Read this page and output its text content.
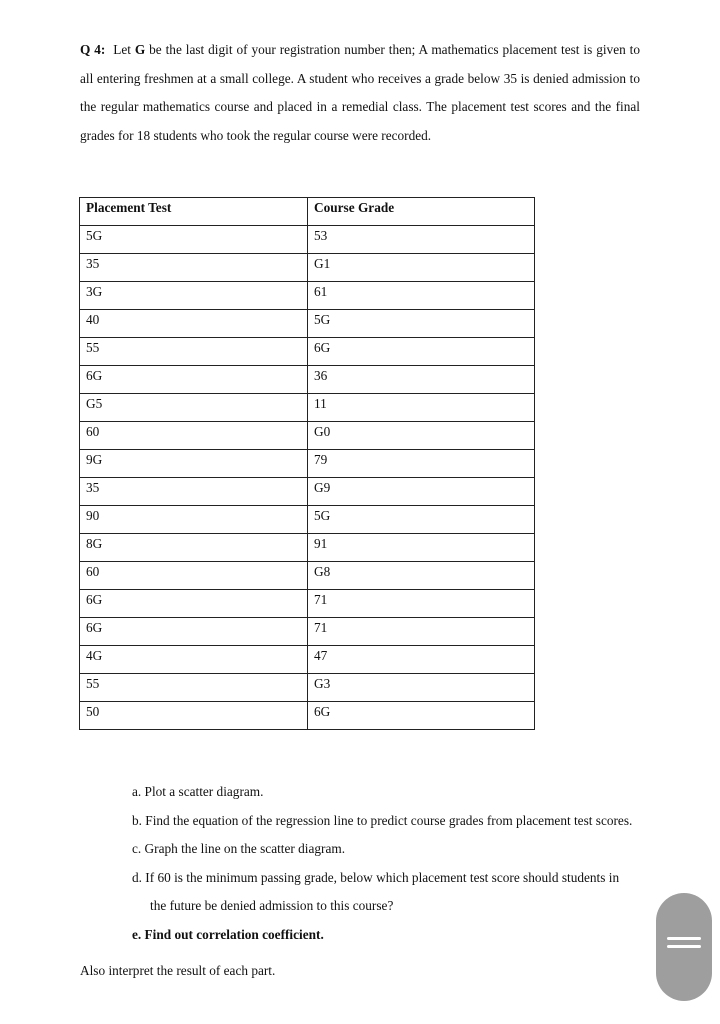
Q 4: Let G be the last digit of your registration number then; A mathematics placement test is given to all entering freshmen at a small college. A student who receives a grade below 35 is denied admission to the regular mathematics course and placed in a remedial class. The placement test scores and the final grades for 18 students who took the regular course were recorded.
Placement Test	Course Grade
5G	53
35	G1
3G	61
40	5G
55	6G
6G	36
G5	11
60	G0
9G	79
35	G9
90	5G
8G	91
60	G8
6G	71
6G	71
4G	47
55	G3
50	6G
a. Plot a scatter diagram.
b. Find the equation of the regression line to predict course grades from placement test scores.
c. Graph the line on the scatter diagram.
d. If 60 is the minimum passing grade, below which placement test score should students in
the future be denied admission to this course?
e. Find out correlation coefficient.
Also interpret the result of each part.
